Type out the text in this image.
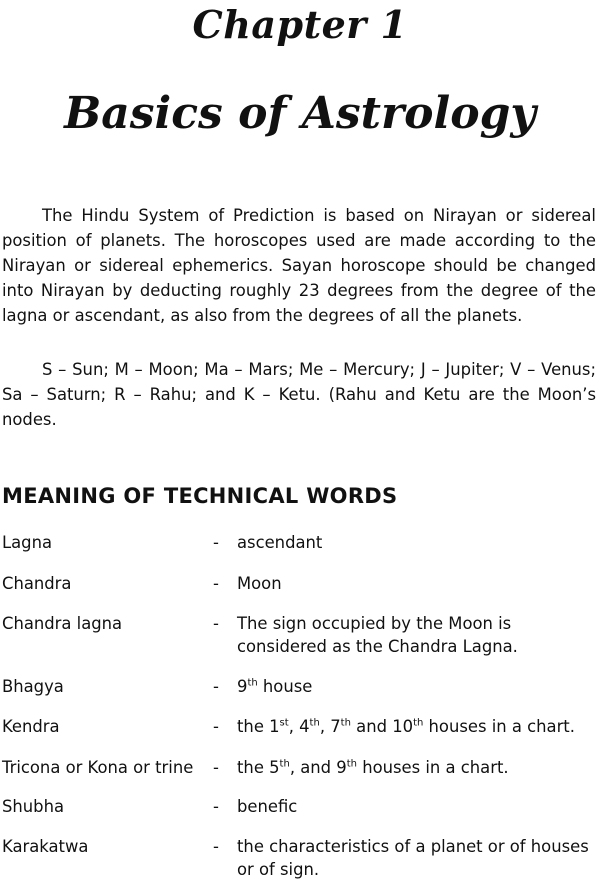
Chapter 1
Basics of Astrology

The Hindu System of Prediction is based on Nirayan or sidereal position of planets. The horoscopes used are made according to the Nirayan or sidereal ephemerics. Sayan horoscope should be changed into Nirayan by deducting roughly 23 degrees from the degree of the lagna or ascendant, as also from the degrees of all the planets.

S – Sun; M – Moon; Ma – Mars; Me – Mercury; J – Jupiter; V – Venus; Sa – Saturn; R – Rahu; and K – Ketu. (Rahu and Ketu are the Moon’s nodes.

MEANING OF TECHNICAL WORDS
Lagna	- ascendant
Chandra	- Moon
Chandra lagna	- The sign occupied by the Moon is considered as the Chandra Lagna.
Bhagya	- 9th house
Kendra	- the 1st, 4th, 7th and 10th houses in a chart.
Tricona or Kona or trine - the 5th, and 9th houses in a chart.
Shubha	- benefic
Karakatwa	- the characteristics of a planet or of houses or of sign.
